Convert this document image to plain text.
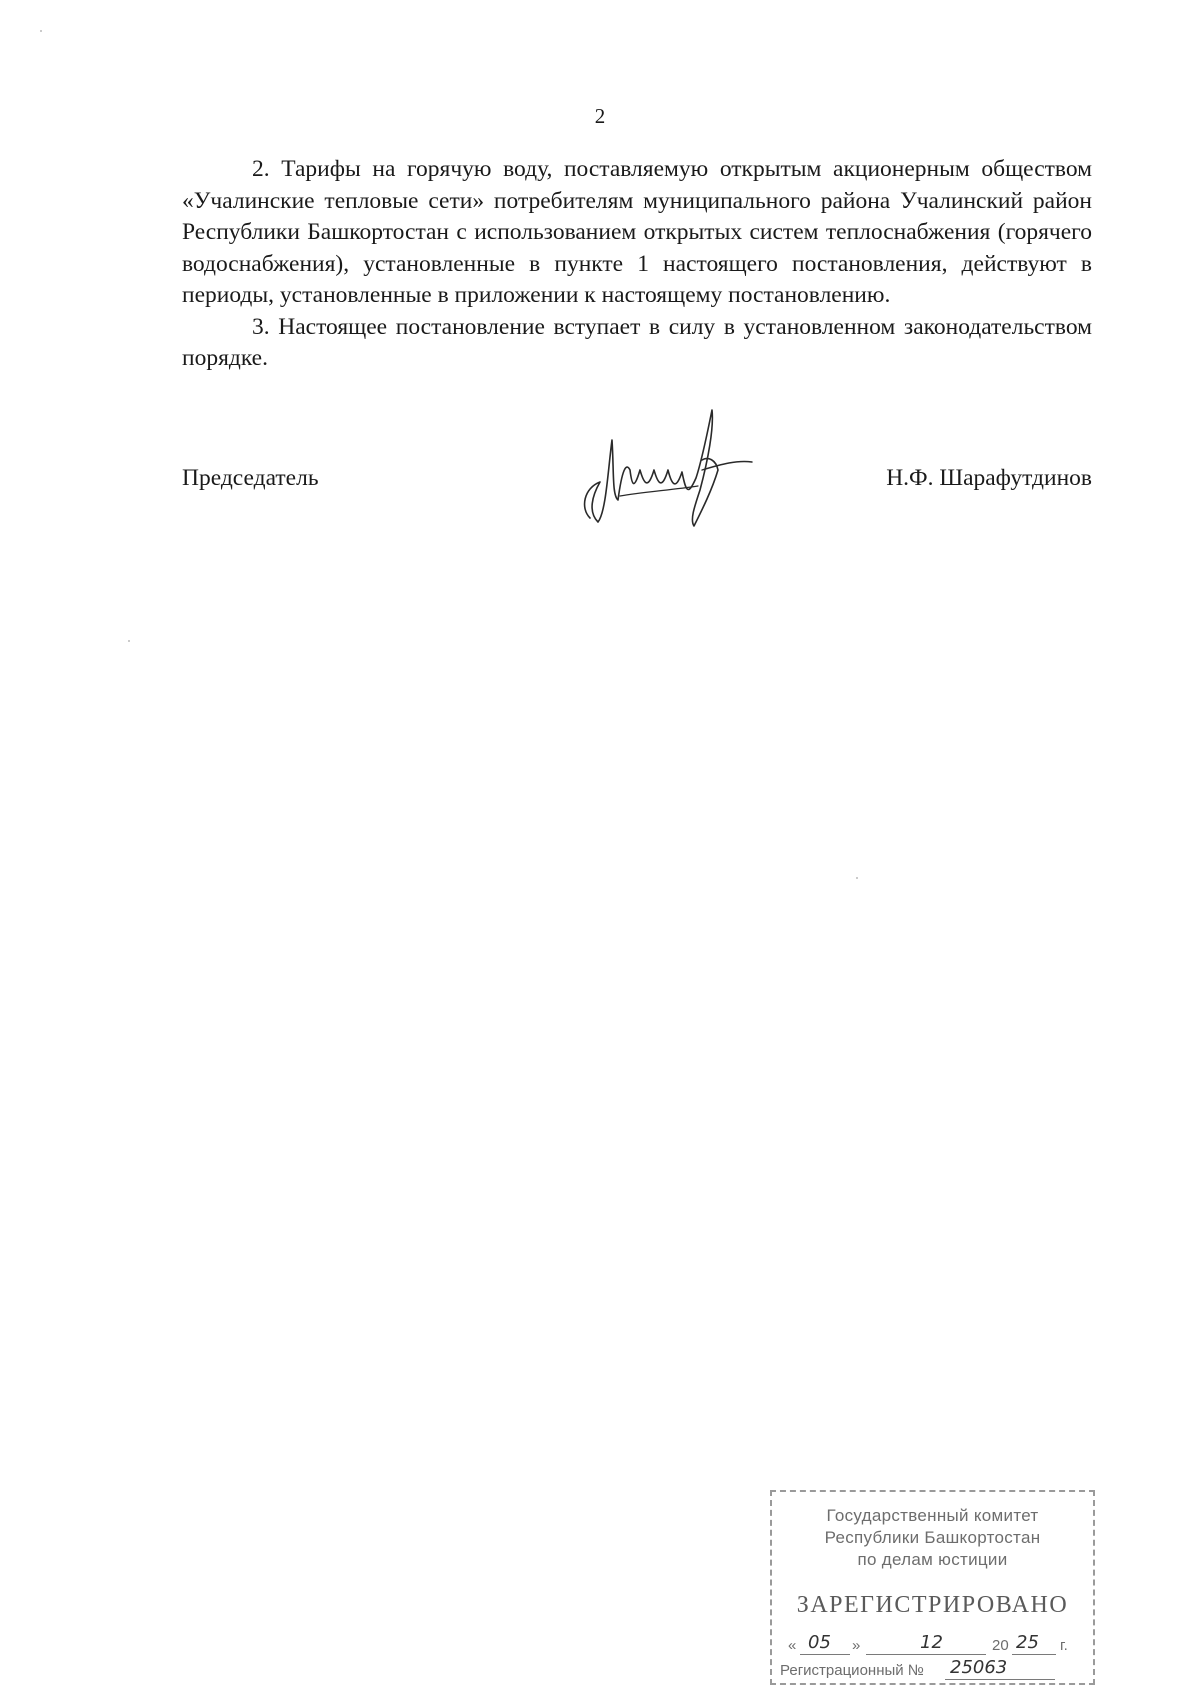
2

2. Тарифы на горячую воду, поставляемую открытым акционерным обществом «Учалинские тепловые сети» потребителям муниципального района Учалинский район Республики Башкортостан с использованием открытых систем теплоснабжения (горячего водоснабжения), установленные в пункте 1 настоящего постановления, действуют в периоды, установленные в приложении к настоящему постановлению.

3. Настоящее постановление вступает в силу в установленном законодательством порядке.

Председатель	Н.Ф. Шарафутдинов
Государственный комитет
Республики Башкортостан
по делам юстиции
ЗАРЕГИСТРИРОВАНО
« 05 »	12	20 25 г.
Регистрационный № 25063
